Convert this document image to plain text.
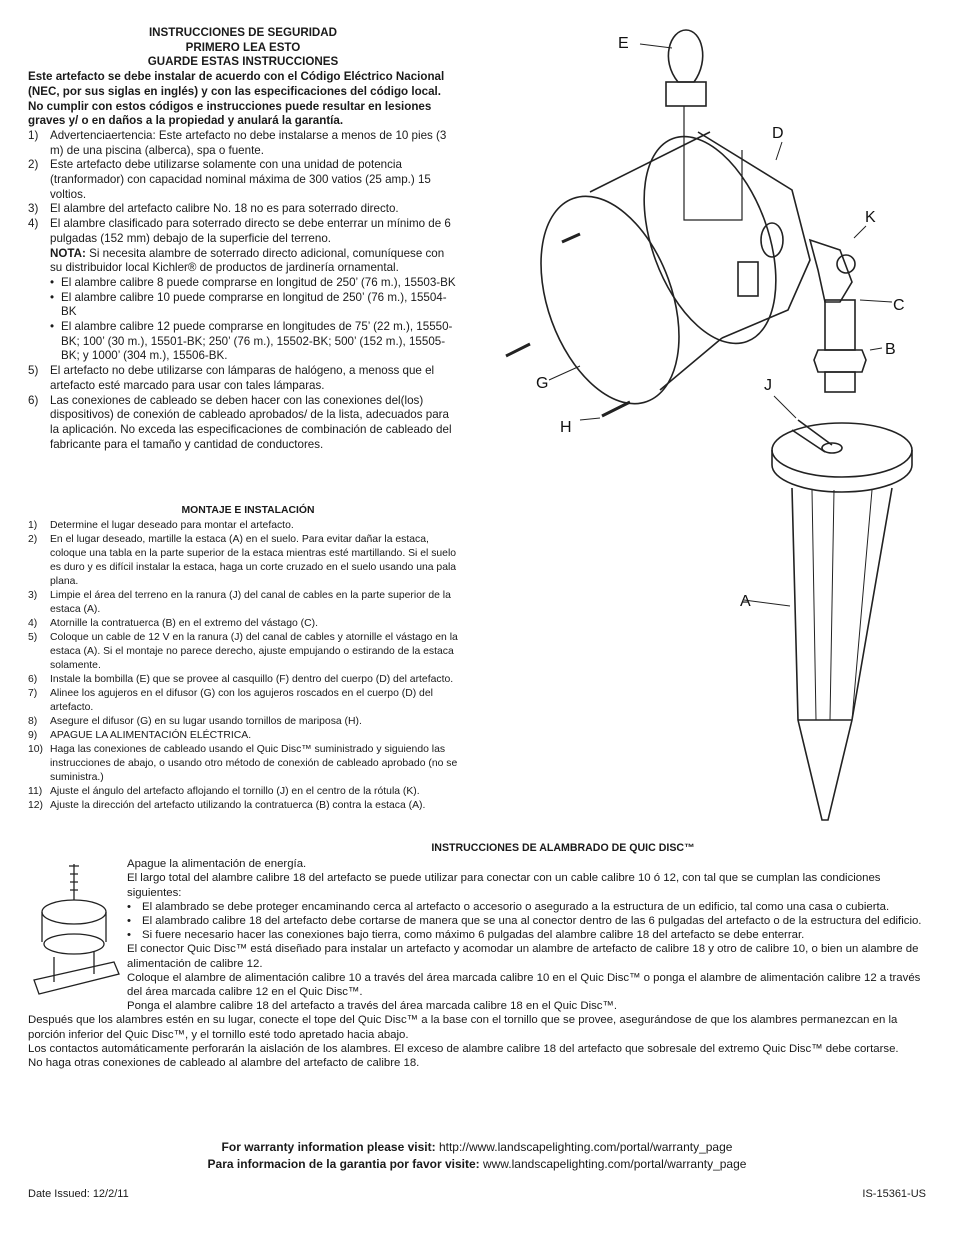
INSTRUCCIONES DE SEGURIDAD
PRIMERO LEA ESTO
GUARDE ESTAS INSTRUCCIONES
Este artefacto se debe instalar de acuerdo con el Código Eléctrico Nacional (NEC, por sus siglas en inglés) y con las especificaciones del código local. No cumplir con estos códigos e instrucciones puede resultar en lesiones graves y/ o en daños a la propiedad y anulará la garantía.
1)	Advertenciaertencia: Este artefacto no debe instalarse a menos de 10 pies (3 m) de una piscina (alberca), spa o fuente.
2)	Este artefacto debe utilizarse solamente con una unidad de potencia (tranformador) con capacidad nominal máxima de 300 vatios (25 amp.) 15 voltios.
3)	El alambre del artefacto calibre No. 18 no es para soterrado directo.
4)	El alambre clasificado para soterrado directo se debe enterrar un mínimo de 6 pulgadas (152 mm) debajo de la superficie del terreno.
NOTA: Si necesita alambre de soterrado directo adicional, comuníquese con su distribuidor local Kichler® de productos de jardinería ornamental.
• El alambre calibre 8 puede comprarse en longitud de 250’ (76 m.), 15503-BK
• El alambre calibre 10 puede comprarse en longitud de 250’ (76 m.), 15504-BK
• El alambre calibre 12 puede comprarse en longitudes de 75’ (22 m.), 15550-BK; 100’ (30 m.), 15501-BK; 250’ (76 m.), 15502-BK; 500’ (152 m.), 15505-BK; y 1000’ (304 m.), 15506-BK.
5)	El artefacto no debe utilizarse con lámparas de halógeno, a menoss que el artefacto esté marcado para usar con tales lámparas.
6)	Las conexiones de cableado se deben hacer con las conexiones del(los) dispositivos) de conexión de cableado aprobados/ de la lista, adecuados para la aplicación. No exceda las especificaciones de combinación de cableado del fabricante para el tamaño y cantidad de conductores.
MONTAJE E INSTALACIÓN
1)	Determine el lugar deseado para montar el artefacto.
2)	En el lugar deseado, martille la estaca (A) en el suelo. Para evitar dañar la estaca, coloque una tabla en la parte superior de la estaca mientras esté martillando. Si el suelo es duro y es difícil instalar la estaca, haga un corte cruzado en el suelo usando una pala plana.
3)	Limpie el área del terreno en la ranura (J) del canal de cables en la parte superior de la estaca (A).
4)	Atornille la contratuerca (B) en el extremo del vástago (C).
5)	Coloque un cable de 12 V en la ranura (J) del canal de cables y atornille el vástago en la estaca (A). Si el montaje no parece derecho, ajuste empujando o estirando de la estaca solamente.
6)	Instale la bombilla (E) que se provee al casquillo (F) dentro del cuerpo (D) del artefacto.
7)	Alinee los agujeros en el difusor (G) con los agujeros roscados en el cuerpo (D) del artefacto.
8)	Asegure el difusor (G) en su lugar usando tornillos de mariposa (H).
9)	APAGUE LA ALIMENTACIÓN ELÉCTRICA.
10) Haga las conexiones de cableado usando el Quic Disc™ suministrado y siguiendo las instrucciones de abajo, o usando otro método de conexión de cableado aprobado (no se suministra.)
11) Ajuste el ángulo del artefacto aflojando el tornillo (J) en el centro de la rótula (K).
12) Ajuste la dirección del artefacto utilizando la contratuerca (B) contra la estaca (A).
E
D
K
C
B
J
G
H
A
INSTRUCCIONES DE ALAMBRADO DE QUIC DISC™
Apague la alimentación de energía.
El largo total del alambre calibre 18 del artefacto se puede utilizar para conectar con un cable calibre 10 ó 12, con tal que se cumplan las condiciones siguientes:
• El alambrado se debe proteger encaminando cerca al artefacto o accesorio o asegurado a la estructura de un edificio, tal como una casa o cubierta.
• El alambrado calibre 18 del artefacto debe cortarse de manera que se una al conector dentro de las 6 pulgadas del artefacto o de la estructura del edificio.
• Si fuere necesario hacer las conexiones bajo tierra, como máximo 6 pulgadas del alambre calibre 18 del artefacto se debe enterrar.
El conector Quic Disc™ está diseñado para instalar un artefacto y acomodar un alambre de artefacto de calibre 18 y otro de calibre 10, o bien un alambre de alimentación de calibre 12.
Coloque el alambre de alimentación calibre 10 a través del área marcada calibre 10 en el Quic Disc™ o ponga el alambre de alimentación calibre 12 a través del área marcada calibre 12 en el Quic Disc™.
Ponga el alambre calibre 18 del artefacto a través del área marcada calibre 18 en el Quic Disc™.
Después que los alambres estén en su lugar, conecte el tope del Quic Disc™ a la base con el tornillo que se provee, asegurándose de que los alambres permanezcan en la porción inferior del Quic Disc™, y el tornillo esté todo apretado hacia abajo.
Los contactos automáticamente perforarán la aislación de los alambres. El exceso de alambre calibre 18 del artefacto que sobresale del extremo Quic Disc™ debe cortarse.
No haga otras conexiones de cableado al alambre del artefacto de calibre 18.
For warranty information please visit: http://www.landscapelighting.com/portal/warranty_page
Para informacion de la garantia por favor visite: www.landscapelighting.com/portal/warranty_page
Date Issued: 12/2/11	IS-15361-US
